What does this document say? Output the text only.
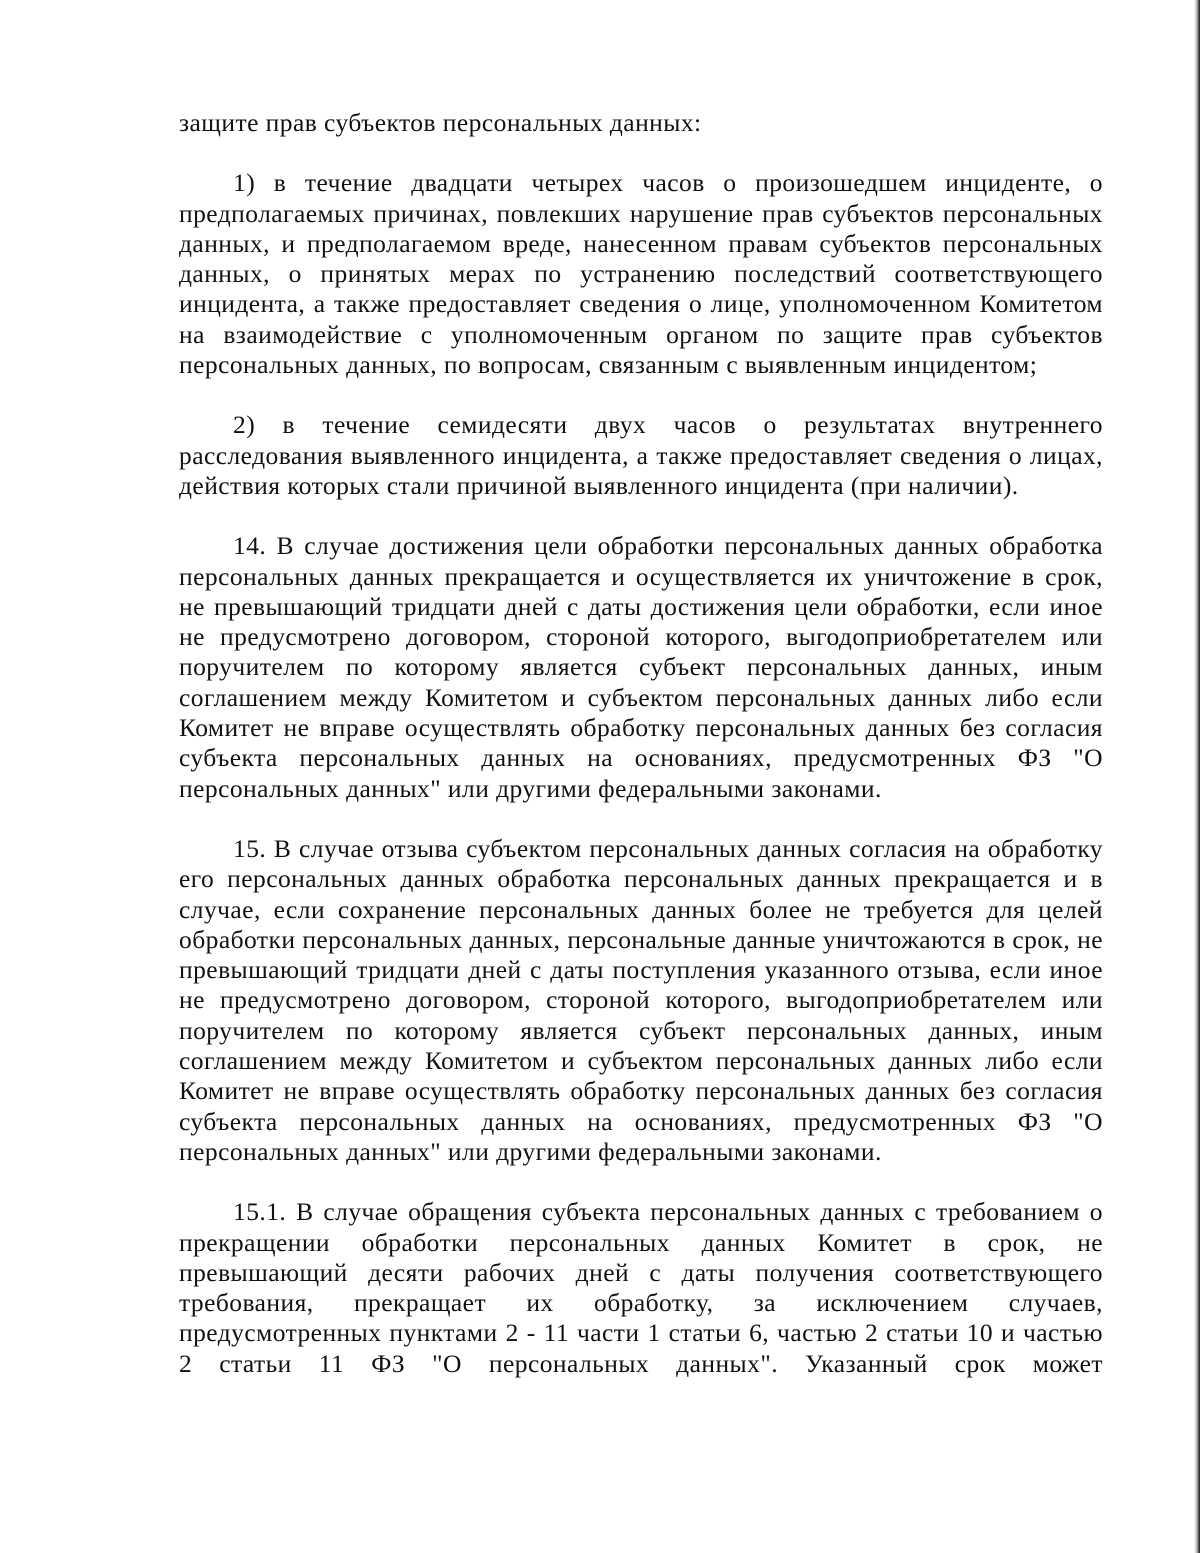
защите прав субъектов персональных данных:

1) в течение двадцати четырех часов о произошедшем инциденте, о предполагаемых причинах, повлекших нарушение прав субъектов персональных данных, и предполагаемом вреде, нанесенном правам субъектов персональных данных, о принятых мерах по устранению последствий соответствующего инцидента, а также предоставляет сведения о лице, уполномоченном Комитетом на взаимодействие с уполномоченным органом по защите прав субъектов персональных данных, по вопросам, связанным с выявленным инцидентом;

2) в течение семидесяти двух часов о результатах внутреннего расследования выявленного инцидента, а также предоставляет сведения о лицах, действия которых стали причиной выявленного инцидента (при наличии).

14. В случае достижения цели обработки персональных данных обработка персональных данных прекращается и осуществляется их уничтожение в срок, не превышающий тридцати дней с даты достижения цели обработки, если иное не предусмотрено договором, стороной которого, выгодоприобретателем или поручителем по которому является субъект персональных данных, иным соглашением между Комитетом и субъектом персональных данных либо если Комитет не вправе осуществлять обработку персональных данных без согласия субъекта персональных данных на основаниях, предусмотренных ФЗ "О персональных данных" или другими федеральными законами.

15. В случае отзыва субъектом персональных данных согласия на обработку его персональных данных обработка персональных данных прекращается и в случае, если сохранение персональных данных более не требуется для целей обработки персональных данных, персональные данные уничтожаются в срок, не превышающий тридцати дней с даты поступления указанного отзыва, если иное не предусмотрено договором, стороной которого, выгодоприобретателем или поручителем по которому является субъект персональных данных, иным соглашением между Комитетом и субъектом персональных данных либо если Комитет не вправе осуществлять обработку персональных данных без согласия субъекта персональных данных на основаниях, предусмотренных ФЗ "О персональных данных" или другими федеральными законами.

15.1. В случае обращения субъекта персональных данных с требованием о прекращении обработки персональных данных Комитет в срок, не превышающий десяти рабочих дней с даты получения соответствующего требования, прекращает их обработку, за исключением случаев, предусмотренных пунктами 2 - 11 части 1 статьи 6, частью 2 статьи 10 и частью 2 статьи 11 ФЗ "О персональных данных". Указанный срок может
